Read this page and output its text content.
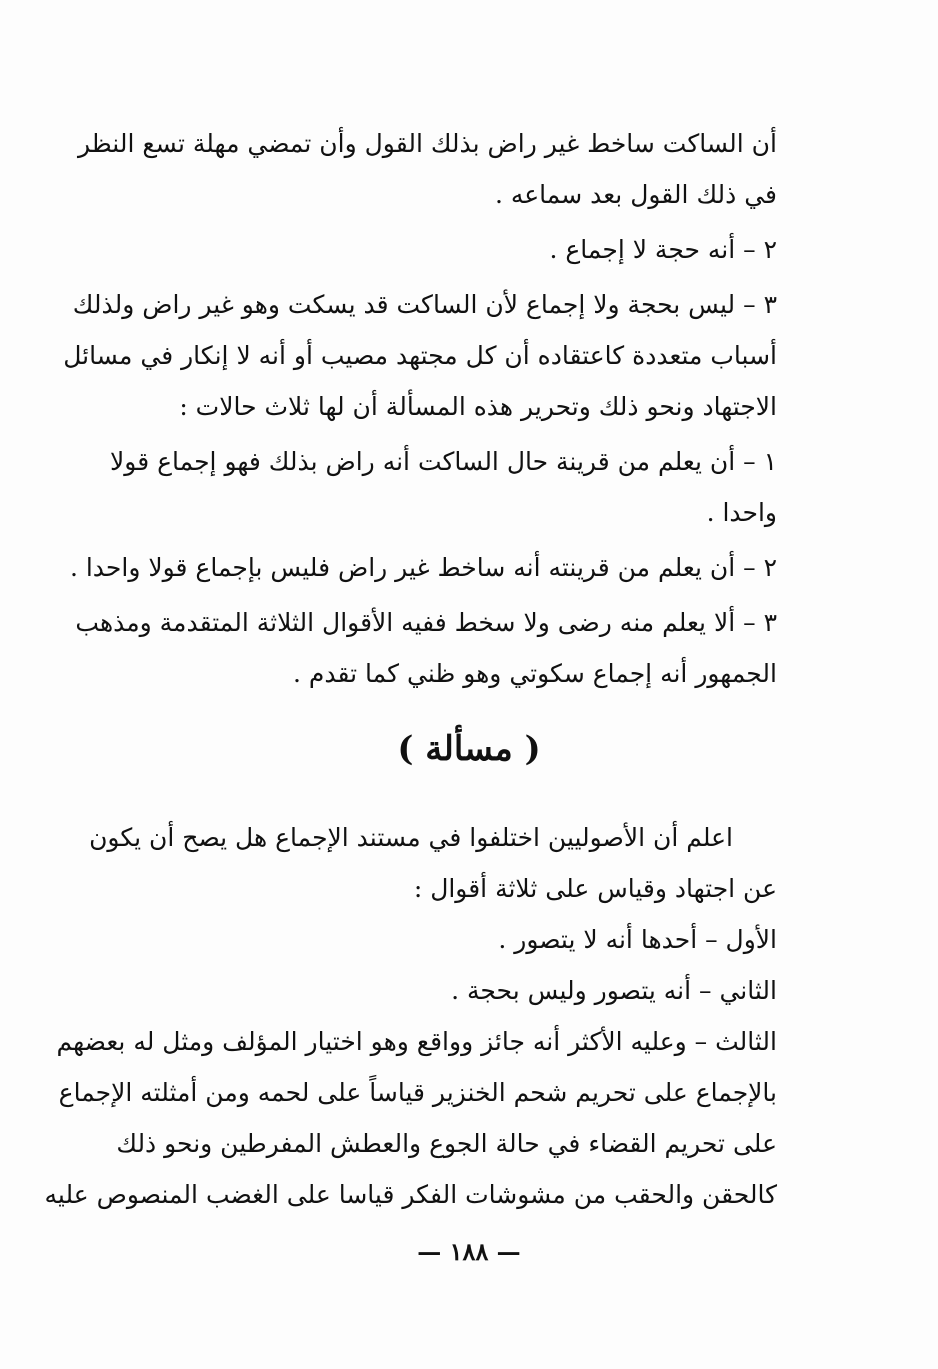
أن الساكت ساخط غير راض بذلك القول وأن تمضي مهلة تسع النظر
في ذلك القول بعد سماعه .
٢ – أنه حجة لا إجماع .
٣ – ليس بحجة ولا إجماع لأن الساكت قد يسكت وهو غير راض ولذلك
أسباب متعددة كاعتقاده أن كل مجتهد مصيب أو أنه لا إنكار في مسائل
الاجتهاد ونحو ذلك وتحرير هذه المسألة أن لها ثلاث حالات :
١ – أن يعلم من قرينة حال الساكت أنه راض بذلك فهو إجماع قولا
واحدا .
٢ – أن يعلم من قرينته أنه ساخط غير راض فليس بإجماع قولا واحدا .
٣ – ألا يعلم منه رضى ولا سخط ففيه الأقوال الثلاثة المتقدمة ومذهب
الجمهور أنه إجماع سكوتي وهو ظني كما تقدم .
( مسألة )
اعلم أن الأصوليين اختلفوا في مستند الإجماع هل يصح أن يكون
عن اجتهاد وقياس على ثلاثة أقوال :
الأول – أحدها أنه لا يتصور .
الثاني – أنه يتصور وليس بحجة .
الثالث – وعليه الأكثر أنه جائز وواقع وهو اختيار المؤلف ومثل له بعضهم
بالإجماع على تحريم شحم الخنزير قياساً على لحمه ومن أمثلته الإجماع
على تحريم القضاء في حالة الجوع والعطش المفرطين ونحو ذلك
كالحقن والحقب من مشوشات الفكر قياسا على الغضب المنصوص عليه
— ١٨٨ —
